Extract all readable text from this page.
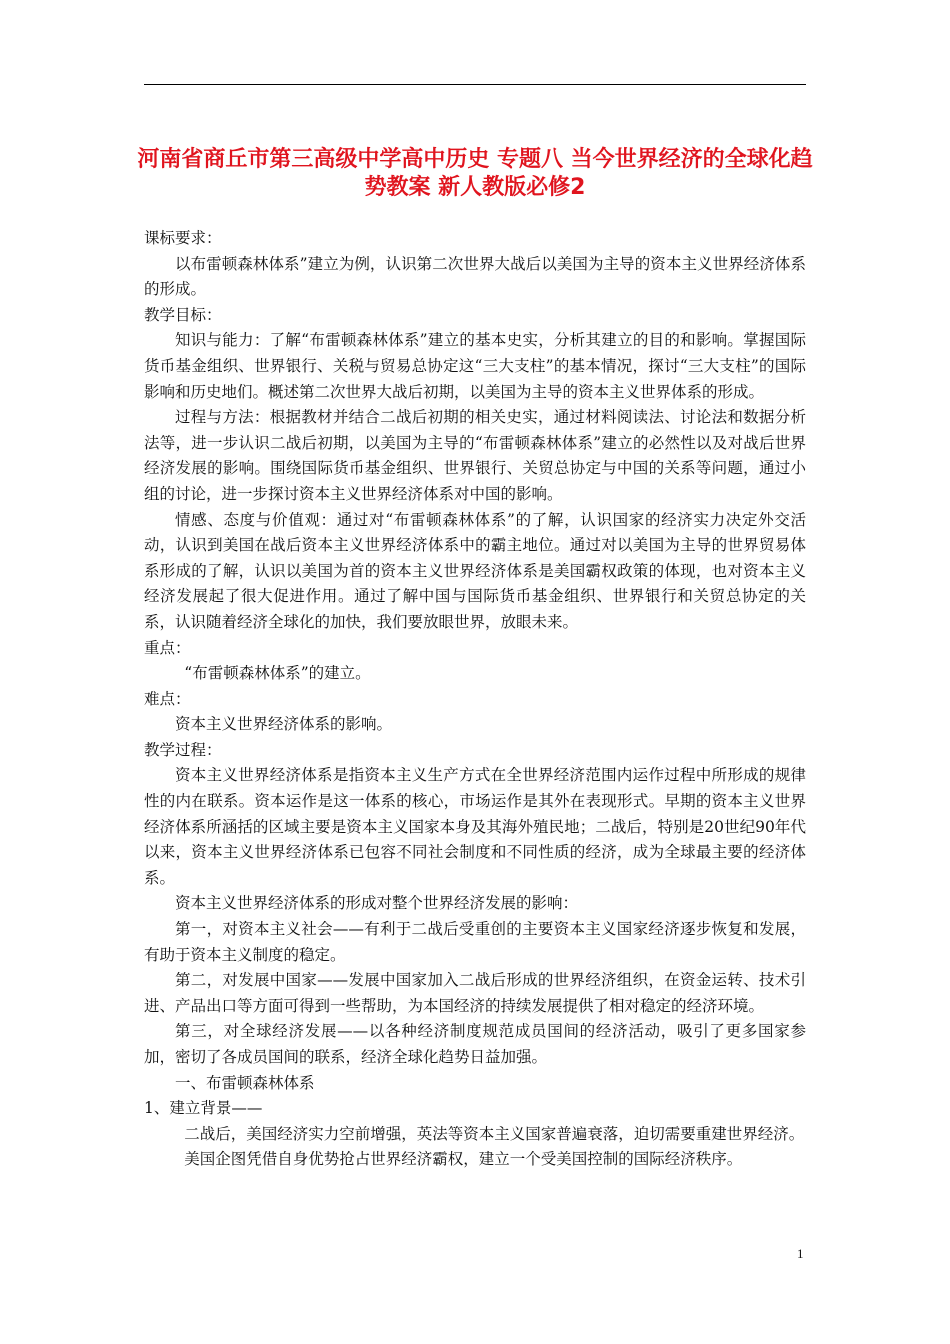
河南省商丘市第三高级中学高中历史 专题八 当今世界经济的全球化趋势教案 新人教版必修2

课标要求：

以布雷顿森林体系”建立为例，认识第二次世界大战后以美国为主导的资本主义世界经济体系的形成。

教学目标：

知识与能力：了解“布雷顿森林体系”建立的基本史实，分析其建立的目的和影响。掌握国际货币基金组织、世界银行、关税与贸易总协定这“三大支柱”的基本情况，探讨“三大支柱”的国际影响和历史地们。概述第二次世界大战后初期，以美国为主导的资本主义世界体系的形成。

过程与方法：根据教材并结合二战后初期的相关史实，通过材料阅读法、讨论法和数据分析法等，进一步认识二战后初期，以美国为主导的“布雷顿森林体系”建立的必然性以及对战后世界经济发展的影响。围绕国际货币基金组织、世界银行、关贸总协定与中国的关系等问题，通过小组的讨论，进一步探讨资本主义世界经济体系对中国的影响。

情感、态度与价值观：通过对“布雷顿森林体系”的了解，认识国家的经济实力决定外交活动，认识到美国在战后资本主义世界经济体系中的霸主地位。通过对以美国为主导的世界贸易体系形成的了解，认识以美国为首的资本主义世界经济体系是美国霸权政策的体现，也对资本主义经济发展起了很大促进作用。通过了解中国与国际货币基金组织、世界银行和关贸总协定的关系，认识随着经济全球化的加快，我们要放眼世界，放眼未来。

重点：

“布雷顿森林体系”的建立。

难点：

资本主义世界经济体系的影响。

教学过程：

资本主义世界经济体系是指资本主义生产方式在全世界经济范围内运作过程中所形成的规律性的内在联系。资本运作是这一体系的核心，市场运作是其外在表现形式。早期的资本主义世界经济体系所涵括的区域主要是资本主义国家本身及其海外殖民地；二战后，特别是20世纪90年代以来，资本主义世界经济体系已包容不同社会制度和不同性质的经济，成为全球最主要的经济体系。

资本主义世界经济体系的形成对整个世界经济发展的影响：

第一，对资本主义社会——有利于二战后受重创的主要资本主义国家经济逐步恢复和发展，有助于资本主义制度的稳定。

第二，对发展中国家——发展中国家加入二战后形成的世界经济组织，在资金运转、技术引进、产品出口等方面可得到一些帮助，为本国经济的持续发展提供了相对稳定的经济环境。

第三，对全球经济发展——以各种经济制度规范成员国间的经济活动，吸引了更多国家参加，密切了各成员国间的联系，经济全球化趋势日益加强。

一、布雷顿森林体系

1、建立背景——

二战后，美国经济实力空前增强，英法等资本主义国家普遍衰落，迫切需要重建世界经济。

美国企图凭借自身优势抢占世界经济霸权，建立一个受美国控制的国际经济秩序。

1
